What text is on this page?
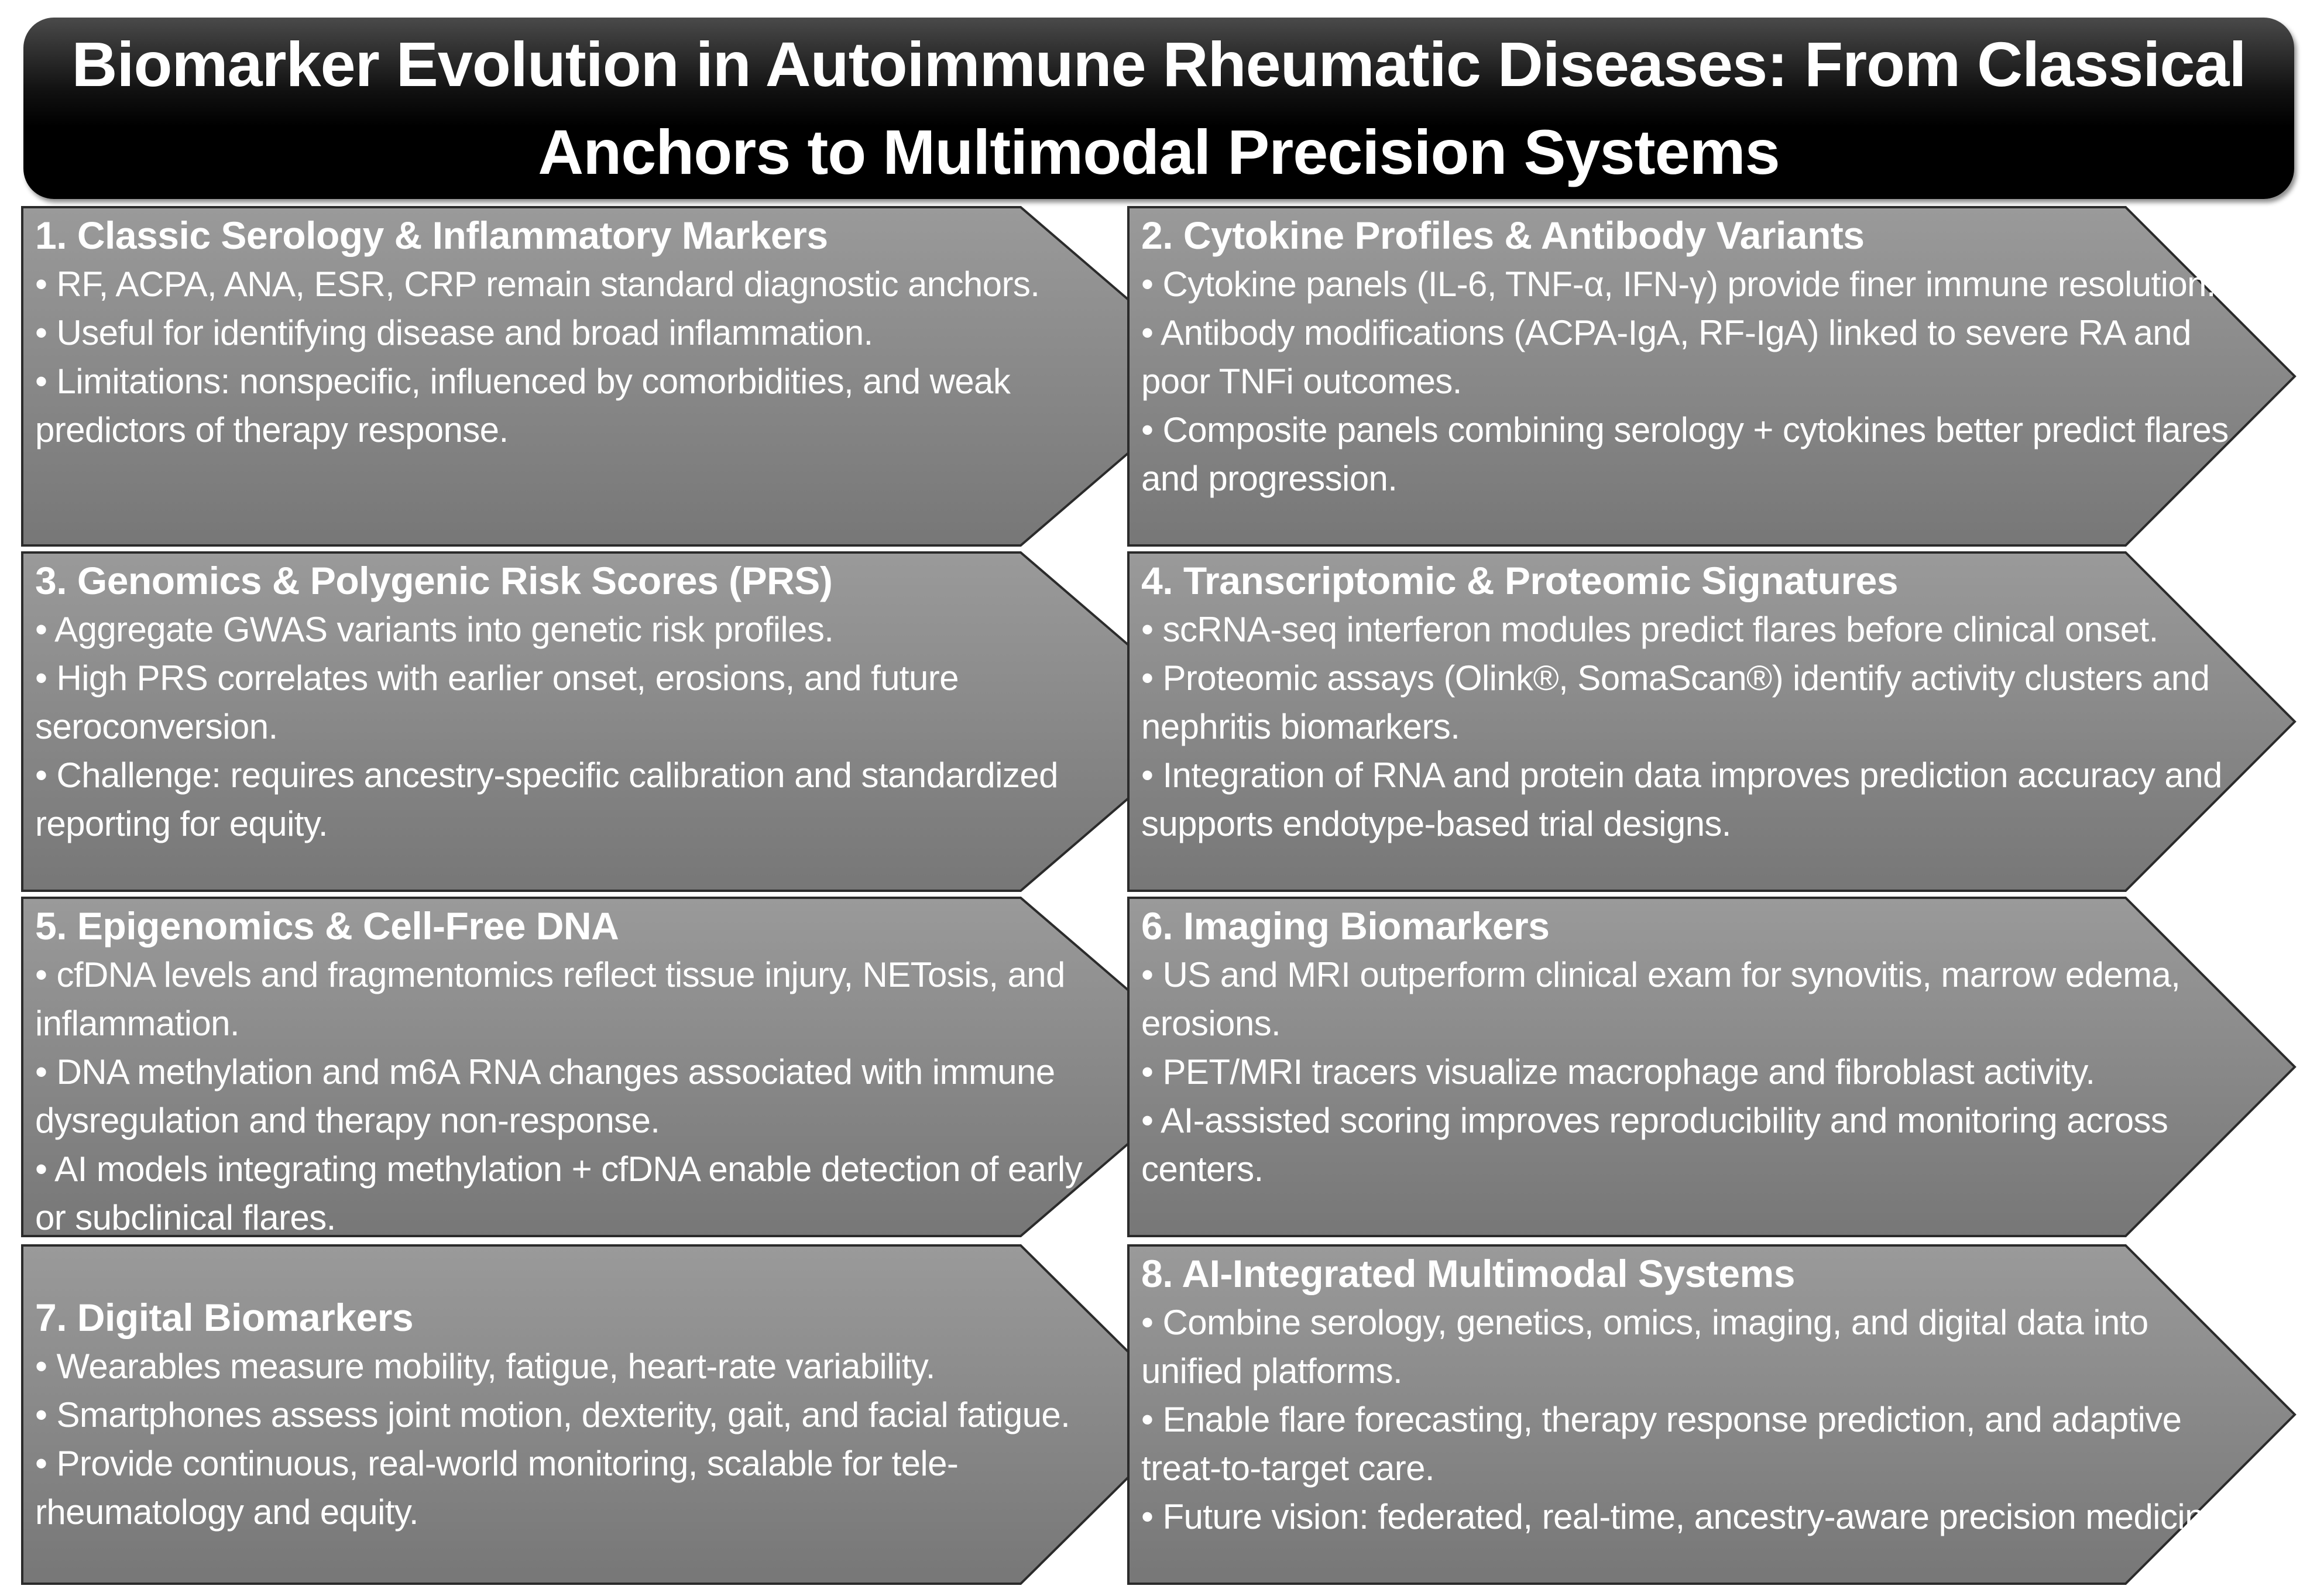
Biomarker Evolution in Autoimmune Rheumatic Diseases: From Classical Anchors to Multimodal Precision Systems
1. Classic Serology & Inflammatory Markers
• RF, ACPA, ANA, ESR, CRP remain standard diagnostic anchors.
• Useful for identifying disease and broad inflammation.
• Limitations: nonspecific, influenced by comorbidities, and weak predictors of therapy response.
2. Cytokine Profiles & Antibody Variants
• Cytokine panels (IL-6, TNF-α, IFN-γ) provide finer immune resolution.
• Antibody modifications (ACPA-IgA, RF-IgA) linked to severe RA and poor TNFi outcomes.
• Composite panels combining serology + cytokines better predict flares and progression.
3. Genomics & Polygenic Risk Scores (PRS)
• Aggregate GWAS variants into genetic risk profiles.
• High PRS correlates with earlier onset, erosions, and future seroconversion.
• Challenge: requires ancestry-specific calibration and standardized reporting for equity.
4. Transcriptomic & Proteomic Signatures
• scRNA-seq interferon modules predict flares before clinical onset.
• Proteomic assays (Olink®, SomaScan®) identify activity clusters and nephritis biomarkers.
• Integration of RNA and protein data improves prediction accuracy and supports endotype-based trial designs.
5. Epigenomics & Cell-Free DNA
• cfDNA levels and fragmentomics reflect tissue injury, NETosis, and inflammation.
• DNA methylation and m6A RNA changes associated with immune dysregulation and therapy non-response.
• AI models integrating methylation + cfDNA enable detection of early or subclinical flares.
6. Imaging Biomarkers
• US and MRI outperform clinical exam for synovitis, marrow edema, erosions.
• PET/MRI tracers visualize macrophage and fibroblast activity.
• AI-assisted scoring improves reproducibility and monitoring across centers.
7. Digital Biomarkers
• Wearables measure mobility, fatigue, heart-rate variability.
• Smartphones assess joint motion, dexterity, gait, and facial fatigue.
• Provide continuous, real-world monitoring, scalable for tele-rheumatology and equity.
8. AI-Integrated Multimodal Systems
• Combine serology, genetics, omics, imaging, and digital data into unified platforms.
• Enable flare forecasting, therapy response prediction, and adaptive treat-to-target care.
• Future vision: federated, real-time, ancestry-aware precision medicine.
